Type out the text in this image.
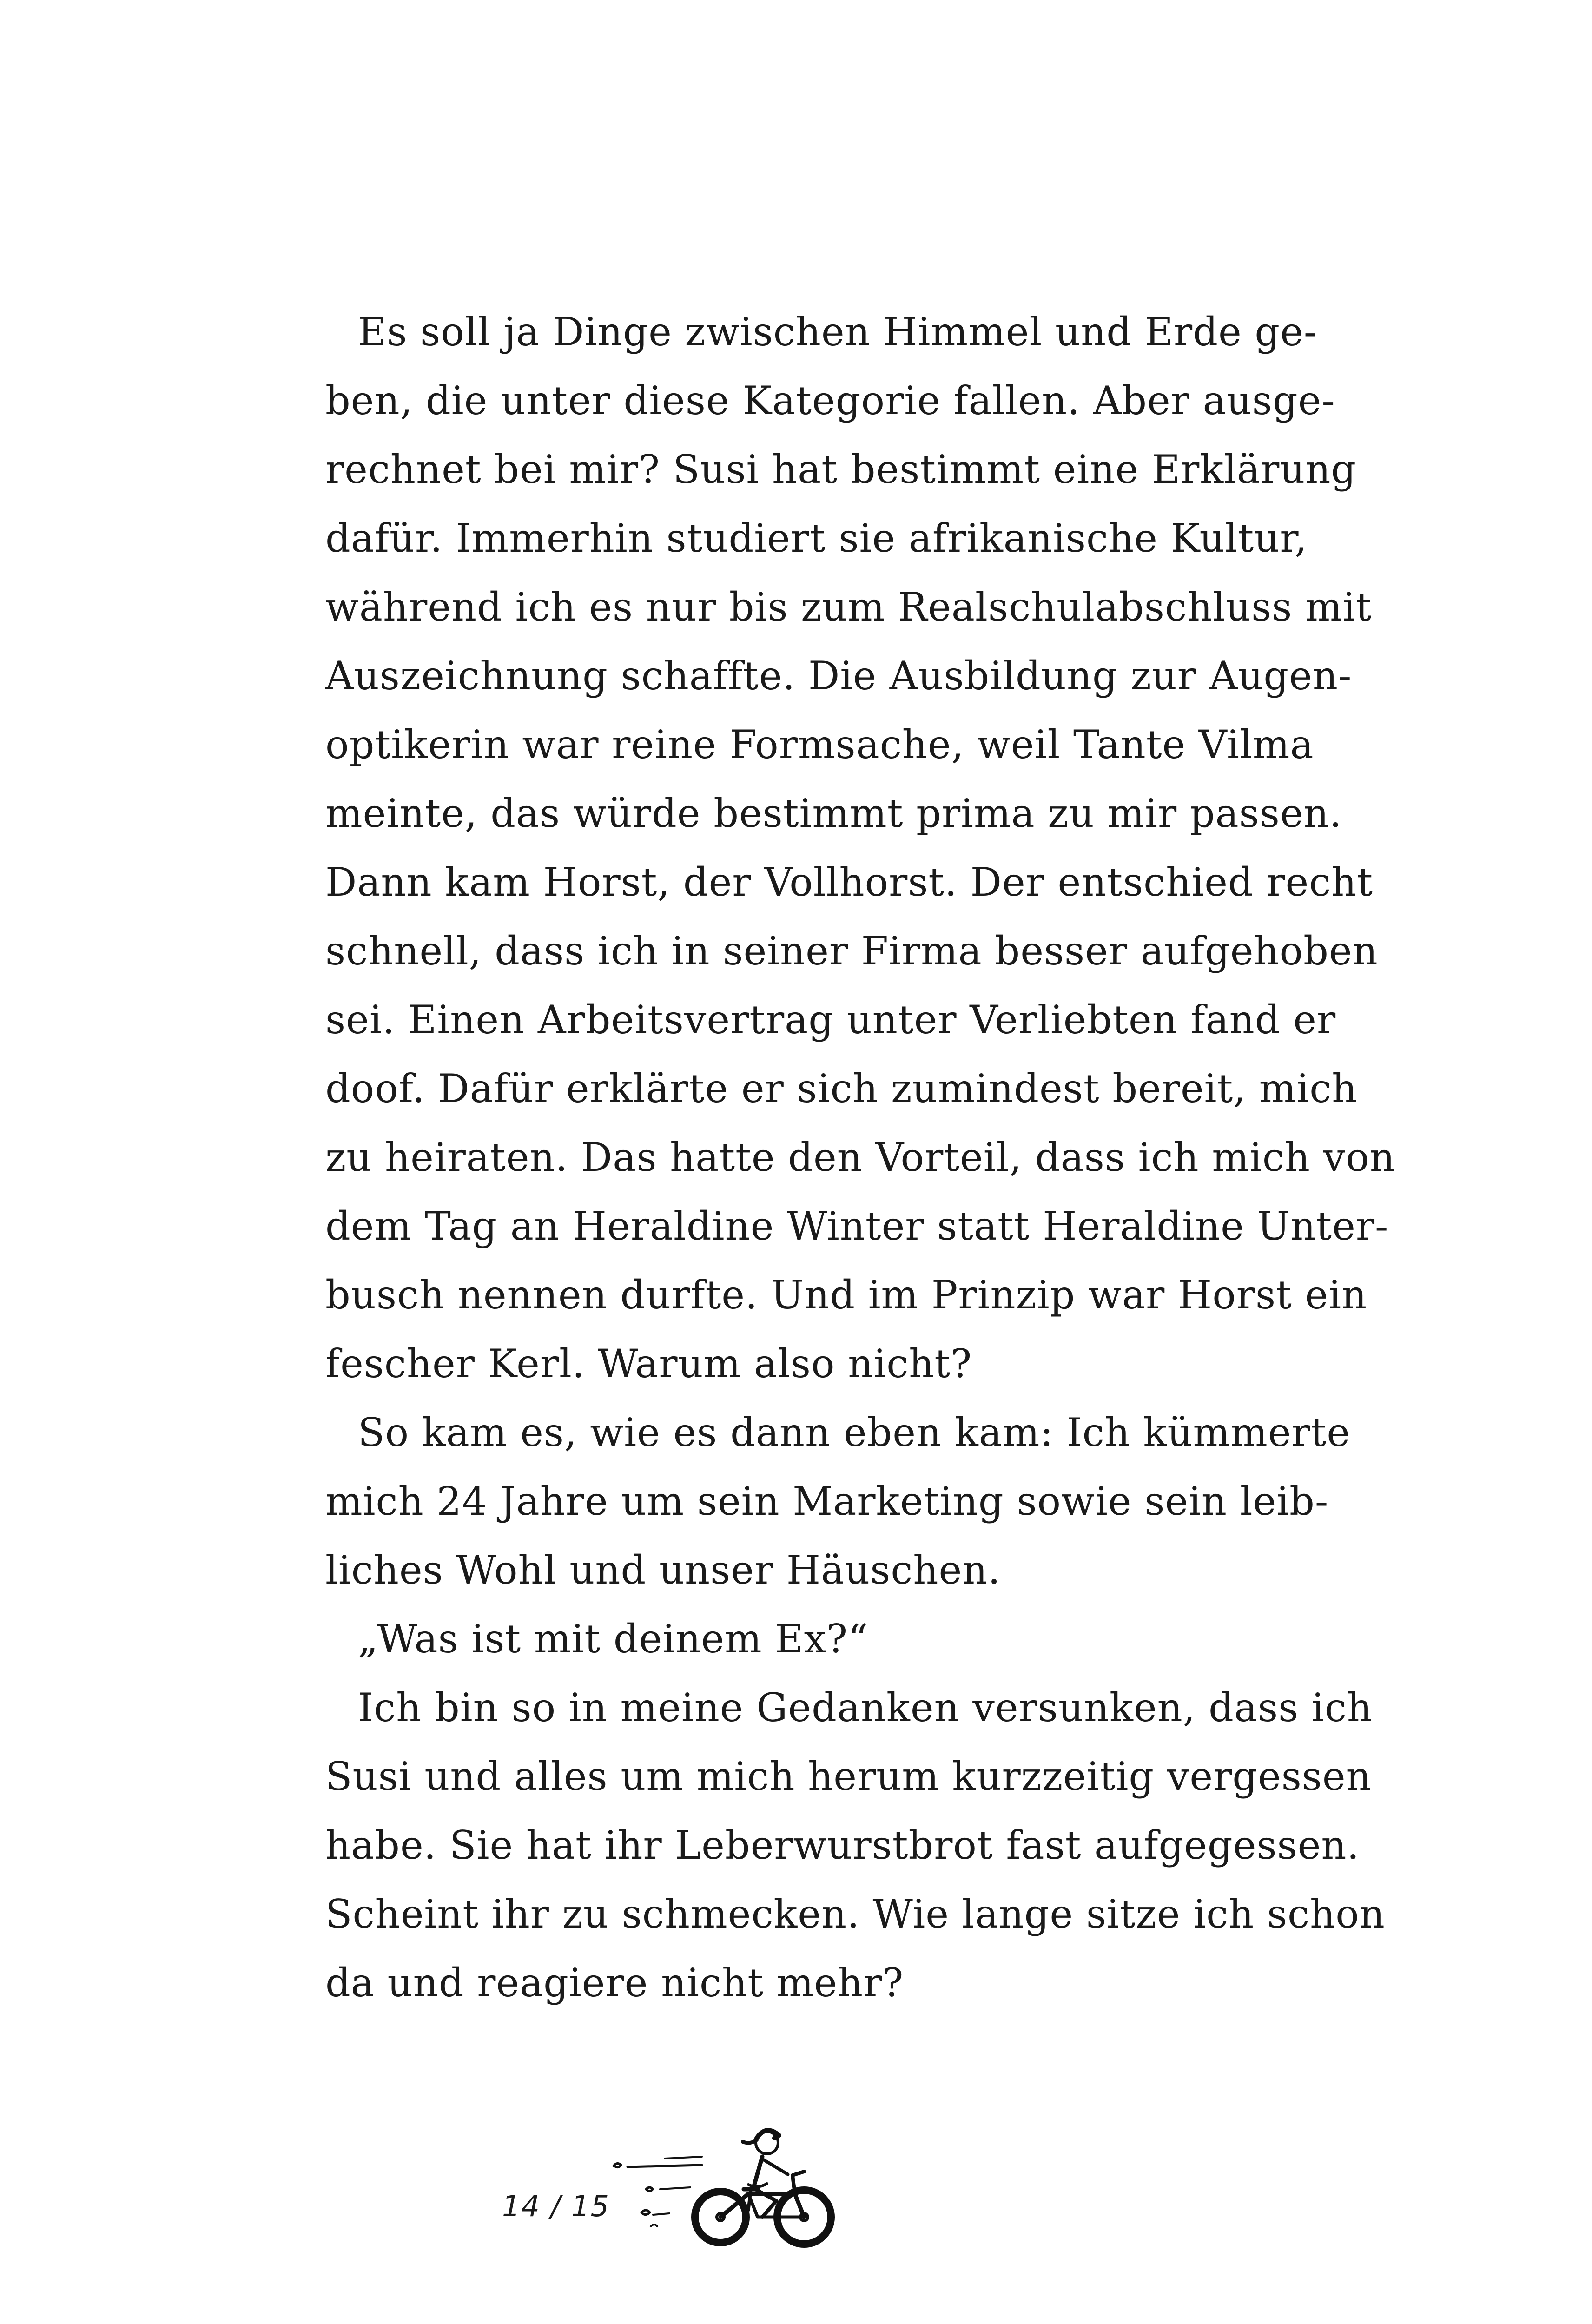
Es soll ja Dinge zwischen Himmel und Erde ge-
ben, die unter diese Kategorie fallen. Aber ausge-
rechnet bei mir? Susi hat bestimmt eine Erklärung
dafür. Immerhin studiert sie afrikanische Kultur,
während ich es nur bis zum Realschulabschluss mit
Auszeichnung schaffte. Die Ausbildung zur Augen-
optikerin war reine Formsache, weil Tante Vilma
meinte, das würde bestimmt prima zu mir passen.
Dann kam Horst, der Vollhorst. Der entschied recht
schnell, dass ich in seiner Firma besser aufgehoben
sei. Einen Arbeitsvertrag unter Verliebten fand er
doof. Dafür erklärte er sich zumindest bereit, mich
zu heiraten. Das hatte den Vorteil, dass ich mich von
dem Tag an Heraldine Winter statt Heraldine Unter-
busch nennen durfte. Und im Prinzip war Horst ein
fescher Kerl. Warum also nicht?
So kam es, wie es dann eben kam: Ich kümmerte
mich 24 Jahre um sein Marketing sowie sein leib-
liches Wohl und unser Häuschen.
„Was ist mit deinem Ex?“
Ich bin so in meine Gedanken versunken, dass ich
Susi und alles um mich herum kurzzeitig vergessen
habe. Sie hat ihr Leberwurstbrot fast aufgegessen.
Scheint ihr zu schmecken. Wie lange sitze ich schon
da und reagiere nicht mehr?
14 / 15
